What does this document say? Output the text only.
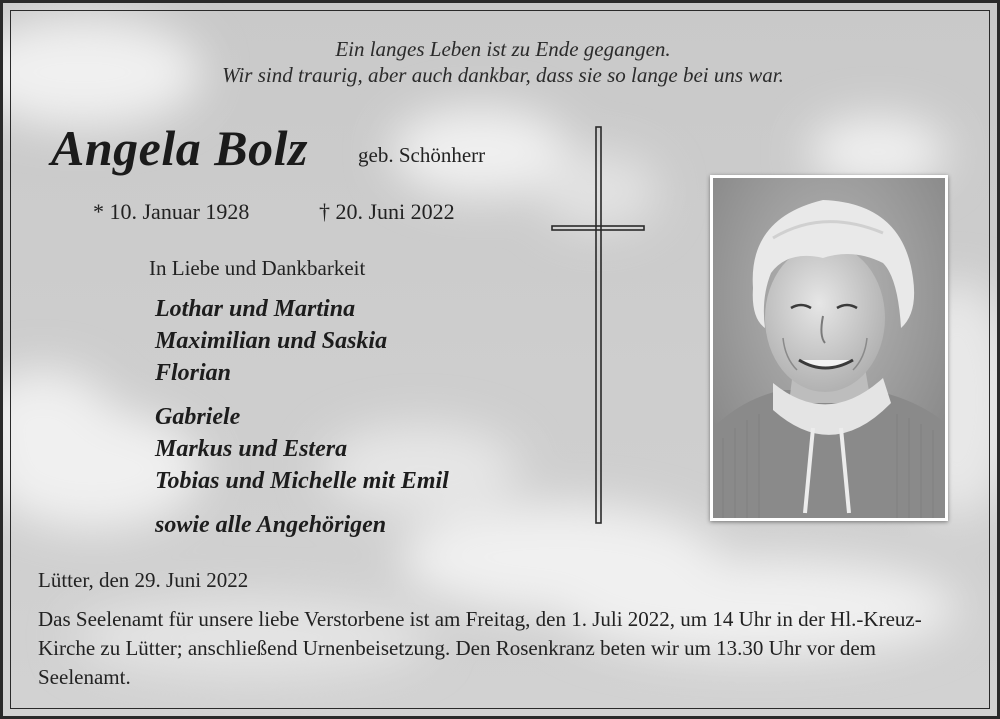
Ein langes Leben ist zu Ende gegangen.

Wir sind traurig, aber auch dankbar, dass sie so lange bei uns war.

Angela Bolz geb. Schönherr

* 10. Januar 1928	† 20. Juni 2022

In Liebe und Dankbarkeit

Lothar und Martina

Maximilian und Saskia

Florian

Gabriele

Markus und Estera

Tobias und Michelle mit Emil

sowie alle Angehörigen

Lütter, den 29. Juni 2022

Das Seelenamt für unsere liebe Verstorbene ist am Freitag, den 1. Juli 2022, um 14 Uhr in der Hl.-Kreuz-Kirche zu Lütter; anschließend Urnenbeisetzung. Den Rosenkranz beten wir um 13.30 Uhr vor dem Seelenamt.
